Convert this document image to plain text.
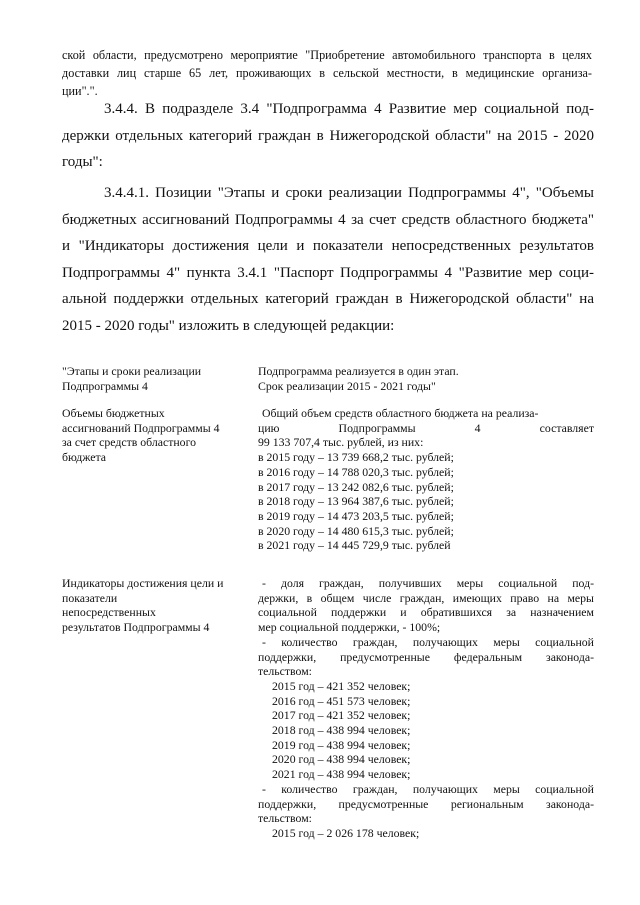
ской области, предусмотрено мероприятие "Приобретение автомобильного транспорта в целях
доставки лиц старше 65 лет, проживающих в сельской местности, в медицинские организа-
ции".".
3.4.4. В подразделе 3.4 "Подпрограмма 4 Развитие мер социальной под-
держки отдельных категорий граждан в Нижегородской области" на 2015 - 2020
годы":
3.4.4.1. Позиции "Этапы и сроки реализации Подпрограммы 4", "Объемы
бюджетных ассигнований Подпрограммы 4 за счет средств областного бюджета"
и "Индикаторы достижения цели и показатели непосредственных результатов
Подпрограммы 4" пункта 3.4.1 "Паспорт Подпрограммы 4 "Развитие мер соци-
альной поддержки отдельных категорий граждан в Нижегородской области" на
2015 - 2020 годы" изложить в следующей редакции:
"Этапы и сроки реализации
Подпрограммы 4
Подпрограмма реализуется в один этап.
Срок реализации 2015 - 2021 годы"
Объемы бюджетных
ассигнований Подпрограммы 4
за счет средств областного
бюджета
Общий объем средств областного бюджета на реализа-
цию Подпрограммы 4 составляет
99 133 707,4 тыс. рублей, из них:
в 2015 году – 13 739 668,2 тыс. рублей;
в 2016 году – 14 788 020,3 тыс. рублей;
в 2017 году – 13 242 082,6 тыс. рублей;
в 2018 году – 13 964 387,6 тыс. рублей;
в 2019 году – 14 473 203,5 тыс. рублей;
в 2020 году – 14 480 615,3 тыс. рублей;
в 2021 году – 14 445 729,9 тыс. рублей
Индикаторы достижения цели и
показатели
непосредственных
результатов Подпрограммы 4
- доля граждан, получивших меры социальной под-
держки, в общем числе граждан, имеющих право на меры
социальной поддержки и обратившихся за назначением
мер социальной поддержки, - 100%;
- количество граждан, получающих меры социальной
поддержки, предусмотренные федеральным законода-
тельством:
2015 год – 421 352 человек;
2016 год – 451 573 человек;
2017 год – 421 352 человек;
2018 год – 438 994 человек;
2019 год – 438 994 человек;
2020 год – 438 994 человек;
2021 год – 438 994 человек;
- количество граждан, получающих меры социальной
поддержки, предусмотренные региональным законода-
тельством:
2015 год – 2 026 178 человек;
